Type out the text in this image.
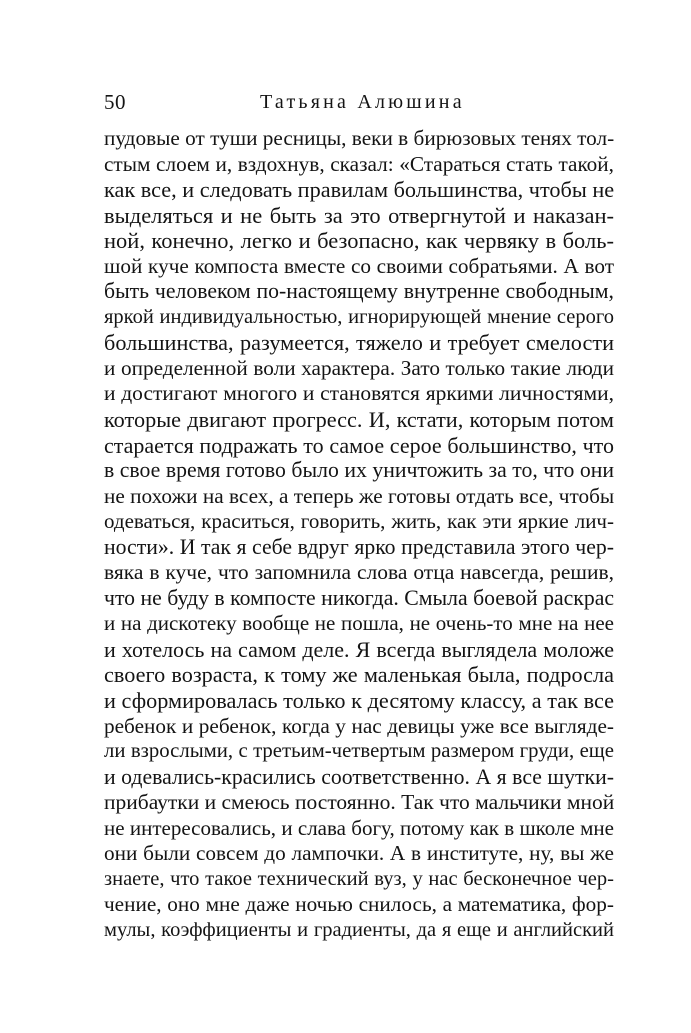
50	Татьяна Алюшина
пудовые от туши ресницы, веки в бирюзовых тенях тол-
стым слоем и, вздохнув, сказал: «Стараться стать такой,
как все, и следовать правилам большинства, чтобы не
выделяться и не быть за это отвергнутой и наказан-
ной, конечно, легко и безопасно, как червяку в боль-
шой куче компоста вместе со своими собратьями. А вот
быть человеком по-настоящему внутренне свободным,
яркой индивидуальностью, игнорирующей мнение серого
большинства, разумеется, тяжело и требует смелости
и определенной воли характера. Зато только такие люди
и достигают многого и становятся яркими личностями,
которые двигают прогресс. И, кстати, которым потом
старается подражать то самое серое большинство, что
в свое время готово было их уничтожить за то, что они
не похожи на всех, а теперь же готовы отдать все, чтобы
одеваться, краситься, говорить, жить, как эти яркие лич-
ности». И так я себе вдруг ярко представила этого чер-
вяка в куче, что запомнила слова отца навсегда, решив,
что не буду в компосте никогда. Смыла боевой раскрас
и на дискотеку вообще не пошла, не очень-то мне на нее
и хотелось на самом деле. Я всегда выглядела моложе
своего возраста, к тому же маленькая была, подросла
и сформировалась только к десятому классу, а так все
ребенок и ребенок, когда у нас девицы уже все выгляде-
ли взрослыми, с третьим-четвертым размером груди, еще
и одевались-красились соответственно. А я все шутки-
прибаутки и смеюсь постоянно. Так что мальчики мной
не интересовались, и слава богу, потому как в школе мне
они были совсем до лампочки. А в институте, ну, вы же
знаете, что такое технический вуз, у нас бесконечное чер-
чение, оно мне даже ночью снилось, а математика, фор-
мулы, коэффициенты и градиенты, да я еще и английский
